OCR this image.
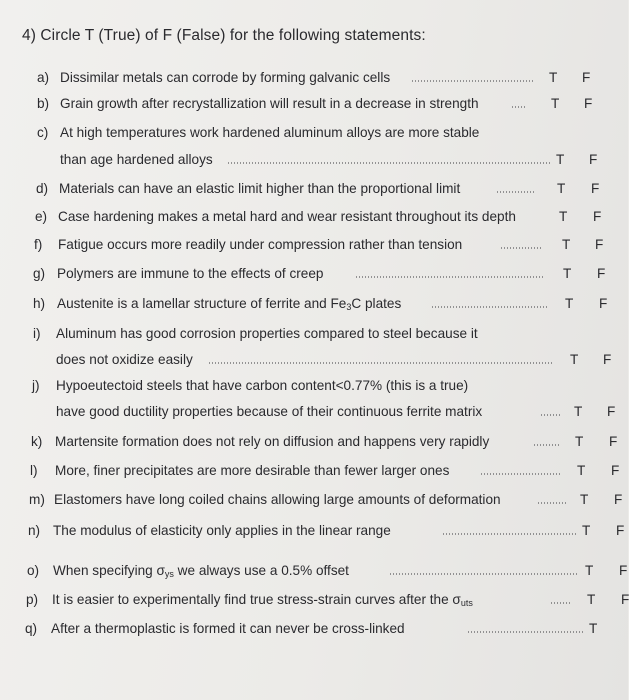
4) Circle T (True) of F (False) for the following statements:
a) Dissimilar metals can corrode by forming galvanic cells	T F
b) Grain growth after recrystallization will result in a decrease in strength	T F
c) At high temperatures work hardened aluminum alloys are more stable
than age hardened alloys	T F
d) Materials can have an elastic limit higher than the proportional limit	T F
e) Case hardening makes a metal hard and wear resistant throughout its depth	T F
f) Fatigue occurs more readily under compression rather than tension	T F
g) Polymers are immune to the effects of creep	T F
h) Austenite is a lamellar structure of ferrite and $Fe_3C$ plates	T F
i) Aluminum has good corrosion properties compared to steel because it
does not oxidize easily	T F
j) Hypoeutectoid steels that have carbon content<0.77% (this is a true)
have good ductility properties because of their continuous ferrite matrix	T F
k) Martensite formation does not rely on diffusion and happens very rapidly	T F
l) More, finer precipitates are more desirable than fewer larger ones	T F
m) Elastomers have long coiled chains allowing large amounts of deformation	T F
n) The modulus of elasticity only applies in the linear range	T F
o) When specifying $\sigma_{ys}$ we always use a 0.5% offset	T F
p) It is easier to experimentally find true stress-strain curves after the $\sigma_{uts}$	T F
q) After a thermoplastic is formed it can never be cross-linked	T
